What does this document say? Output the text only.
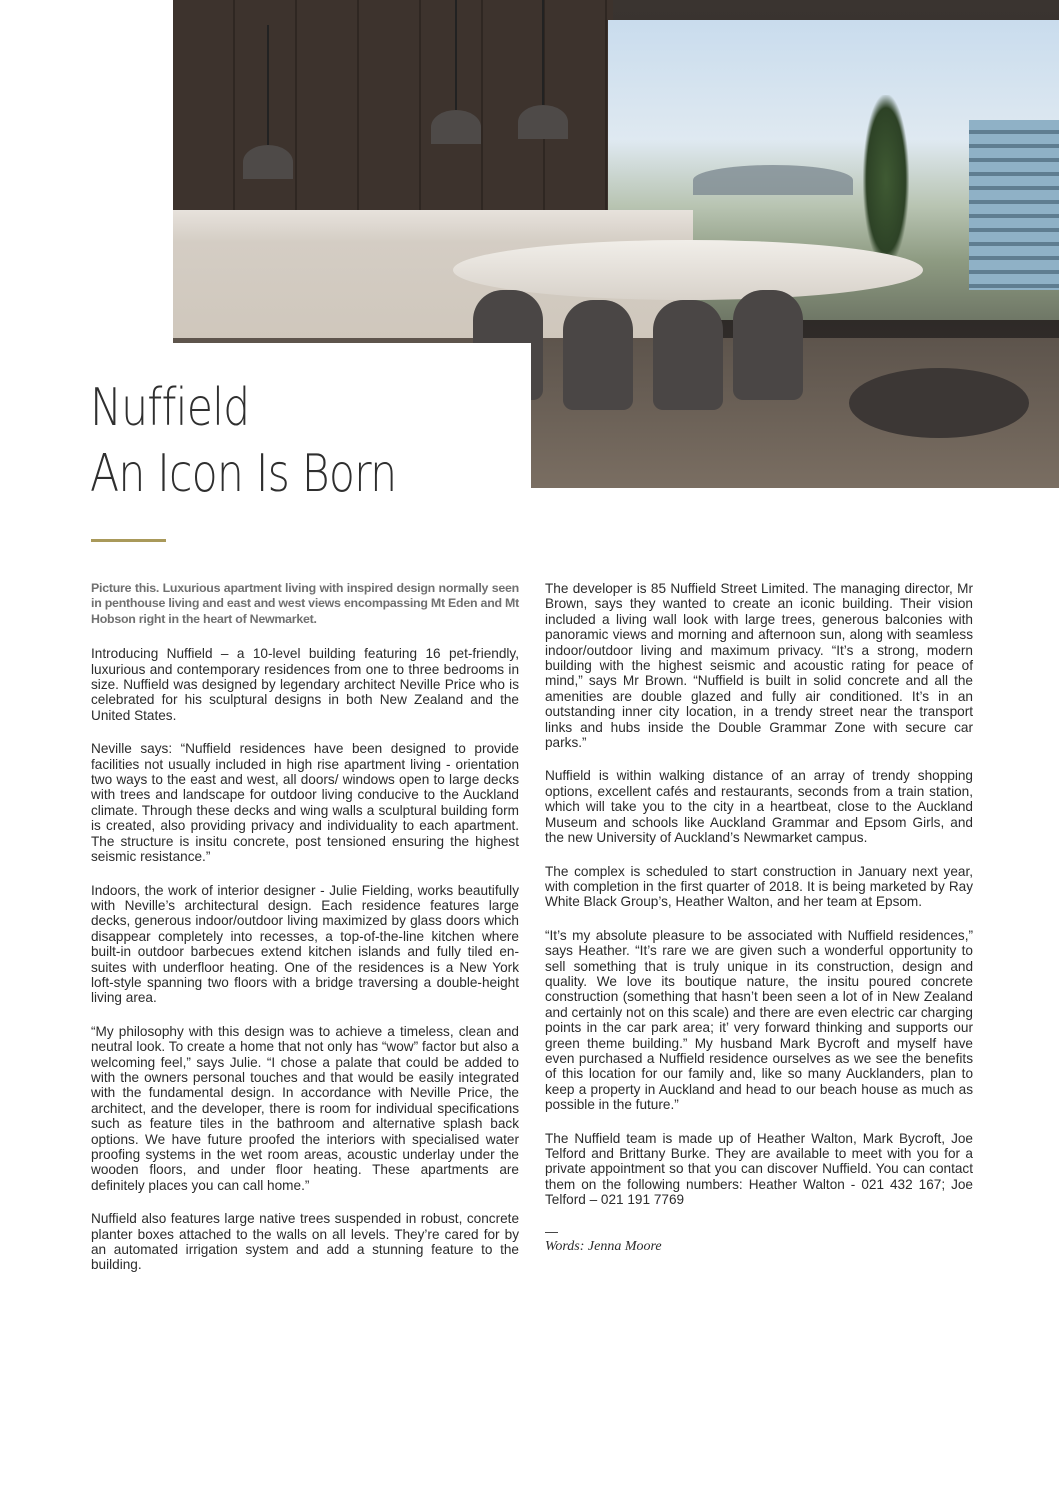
Nuffield
An Icon Is Born

Picture this. Luxurious apartment living with inspired design normally seen in penthouse living and east and west views encompassing Mt Eden and Mt Hobson right in the heart of Newmarket.

Introducing Nuffield – a 10-level building featuring 16 pet-friendly, luxurious and contemporary residences from one to three bedrooms in size. Nuffield was designed by legendary architect Neville Price who is celebrated for his sculptural designs in both New Zealand and the United States.

Neville says: “Nuffield residences have been designed to provide facilities not usually included in high rise apartment living - orientation two ways to the east and west, all doors/ windows open to large decks with trees and landscape for outdoor living conducive to the Auckland climate. Through these decks and wing walls a sculptural building form is created, also providing privacy and individuality to each apartment. The structure is insitu concrete, post tensioned ensuring the highest seismic resistance.”

Indoors, the work of interior designer - Julie Fielding, works beautifully with Neville’s architectural design. Each residence features large decks, generous indoor/outdoor living maximized by glass doors which disappear completely into recesses, a top-of-the-line kitchen where built-in outdoor barbecues extend kitchen islands and fully tiled en-suites with underfloor heating. One of the residences is a New York loft-style spanning two floors with a bridge traversing a double-height living area.

“My philosophy with this design was to achieve a timeless, clean and neutral look. To create a home that not only has “wow” factor but also a welcoming feel,” says Julie. “I chose a palate that could be added to with the owners personal touches and that would be easily integrated with the fundamental design. In accordance with Neville Price, the architect, and the developer, there is room for individual specifications such as feature tiles in the bathroom and alternative splash back options. We have future proofed the interiors with specialised water proofing systems in the wet room areas, acoustic underlay under the wooden floors, and under floor heating. These apartments are definitely places you can call home.”

Nuffield also features large native trees suspended in robust, concrete planter boxes attached to the walls on all levels. They’re cared for by an automated irrigation system and add a stunning feature to the building.

The developer is 85 Nuffield Street Limited. The managing director, Mr Brown, says they wanted to create an iconic building. Their vision included a living wall look with large trees, generous balconies with panoramic views and morning and afternoon sun, along with seamless indoor/outdoor living and maximum privacy. “It’s a strong, modern building with the highest seismic and acoustic rating for peace of mind,” says Mr Brown. “Nuffield is built in solid concrete and all the amenities are double glazed and fully air conditioned. It’s in an outstanding inner city location, in a trendy street near the transport links and hubs inside the Double Grammar Zone with secure car parks.”

Nuffield is within walking distance of an array of trendy shopping options, excellent cafés and restaurants, seconds from a train station, which will take you to the city in a heartbeat, close to the Auckland Museum and schools like Auckland Grammar and Epsom Girls, and the new University of Auckland’s Newmarket campus.

The complex is scheduled to start construction in January next year, with completion in the first quarter of 2018. It is being marketed by Ray White Black Group’s, Heather Walton, and her team at Epsom.

“It’s my absolute pleasure to be associated with Nuffield residences,” says Heather. “It’s rare we are given such a wonderful opportunity to sell something that is truly unique in its construction, design and quality. We love its boutique nature, the insitu poured concrete construction (something that hasn’t been seen a lot of in New Zealand and certainly not on this scale) and there are even electric car charging points in the car park area; it’ very forward thinking and supports our green theme building.” My husband Mark Bycroft and myself have even purchased a Nuffield residence ourselves as we see the benefits of this location for our family and, like so many Aucklanders, plan to keep a property in Auckland and head to our beach house as much as possible in the future.”

The Nuffield team is made up of Heather Walton, Mark Bycroft, Joe Telford and Brittany Burke. They are available to meet with you for a private appointment so that you can discover Nuffield. You can contact them on the following numbers: Heather Walton - 021 432 167; Joe Telford – 021 191 7769

—
Words: Jenna Moore
